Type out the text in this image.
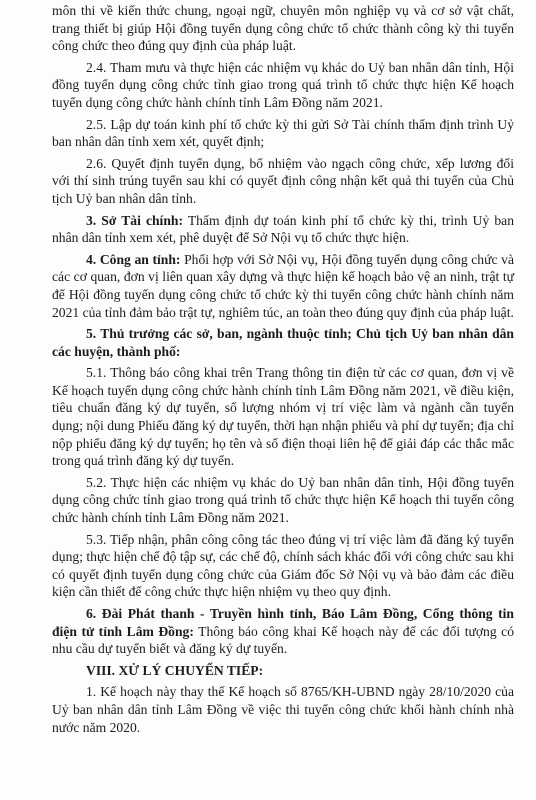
môn thi về kiến thức chung, ngoại ngữ, chuyên môn nghiệp vụ và cơ sở vật chất, trang thiết bị giúp Hội đồng tuyển dụng công chức tổ chức thành công kỳ thi tuyển công chức theo đúng quy định của pháp luật.

2.4. Tham mưu và thực hiện các nhiệm vụ khác do Uỷ ban nhân dân tỉnh, Hội đồng tuyển dụng công chức tỉnh giao trong quá trình tổ chức thực hiện Kế hoạch tuyển dụng công chức hành chính tỉnh Lâm Đồng năm 2021.

2.5. Lập dự toán kinh phí tổ chức kỳ thi gửi Sở Tài chính thẩm định trình Uỷ ban nhân dân tỉnh xem xét, quyết định;

2.6. Quyết định tuyển dụng, bổ nhiệm vào ngạch công chức, xếp lương đối với thí sinh trúng tuyển sau khi có quyết định công nhận kết quả thi tuyển của Chủ tịch Uỷ ban nhân dân tỉnh.

3. Sở Tài chính: Thẩm định dự toán kinh phí tổ chức kỳ thi, trình Uỷ ban nhân dân tỉnh xem xét, phê duyệt để Sở Nội vụ tổ chức thực hiện.

4. Công an tỉnh: Phối hợp với Sở Nội vụ, Hội đồng tuyển dụng công chức và các cơ quan, đơn vị liên quan xây dựng và thực hiện kế hoạch bảo vệ an ninh, trật tự để Hội đồng tuyển dụng công chức tổ chức kỳ thi tuyển công chức hành chính năm 2021 của tỉnh đảm bảo trật tự, nghiêm túc, an toàn theo đúng quy định của pháp luật.

5. Thủ trưởng các sở, ban, ngành thuộc tỉnh; Chủ tịch Uỷ ban nhân dân các huyện, thành phố:

5.1. Thông báo công khai trên Trang thông tin điện tử các cơ quan, đơn vị về Kế hoạch tuyển dụng công chức hành chính tỉnh Lâm Đồng năm 2021, về điều kiện, tiêu chuẩn đăng ký dự tuyển, số lượng nhóm vị trí việc làm và ngành cần tuyển dụng; nội dung Phiếu đăng ký dự tuyển, thời hạn nhận phiếu và phí dự tuyển; địa chỉ nộp phiếu đăng ký dự tuyển; họ tên và số điện thoại liên hệ để giải đáp các thắc mắc trong quá trình đăng ký dự tuyển.

5.2. Thực hiện các nhiệm vụ khác do Uỷ ban nhân dân tỉnh, Hội đồng tuyển dụng công chức tỉnh giao trong quá trình tổ chức thực hiện Kế hoạch thi tuyển công chức hành chính tỉnh Lâm Đồng năm 2021.

5.3. Tiếp nhận, phân công công tác theo đúng vị trí việc làm đã đăng ký tuyển dụng; thực hiện chế độ tập sự, các chế độ, chính sách khác đối với công chức sau khi có quyết định tuyển dụng công chức của Giám đốc Sở Nội vụ và bảo đảm các điều kiện cần thiết để công chức thực hiện nhiệm vụ theo quy định.

6. Đài Phát thanh - Truyền hình tỉnh, Báo Lâm Đồng, Cổng thông tin điện tử tỉnh Lâm Đồng: Thông báo công khai Kế hoạch này để các đối tượng có nhu cầu dự tuyển biết và đăng ký dự tuyển.

VIII. XỬ LÝ CHUYỂN TIẾP:

1. Kế hoạch này thay thế Kế hoạch số 8765/KH-UBND ngày 28/10/2020 của Uỷ ban nhân dân tỉnh Lâm Đồng về việc thi tuyển công chức khối hành chính nhà nước năm 2020.
